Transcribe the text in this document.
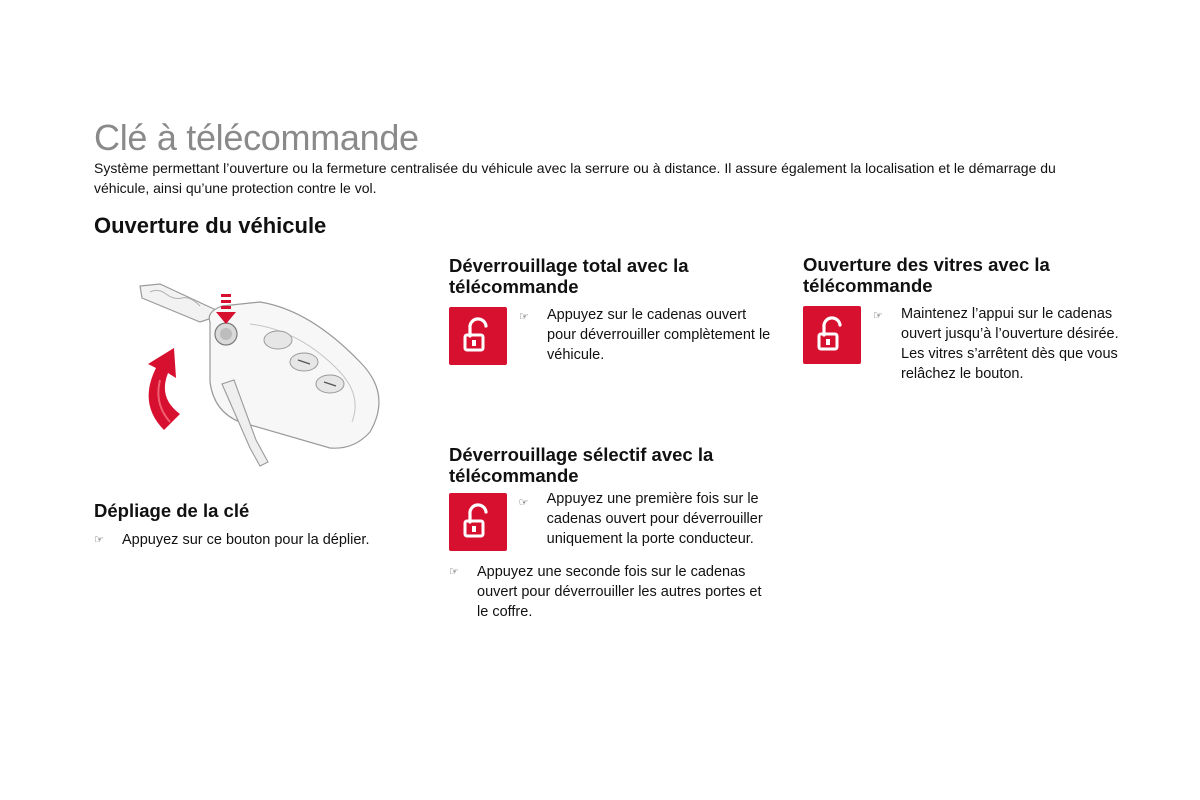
Clé à télécommande

Système permettant l’ouverture ou la fermeture centralisée du véhicule avec la serrure ou à distance. Il assure également la localisation et le démarrage du véhicule, ainsi qu’une protection contre le vol.

Ouverture du véhicule
Dépliage de la clé
☞	Appuyez sur ce bouton pour la déplier.

Déverrouillage total avec la télécommande
☞	Appuyez sur le cadenas ouvert pour déverrouiller complètement le véhicule.

Déverrouillage sélectif avec la télécommande
☞	Appuyez une première fois sur le cadenas ouvert pour déverrouiller uniquement la porte conducteur.

☞	Appuyez une seconde fois sur le cadenas ouvert pour déverrouiller les autres portes et le coffre.

Ouverture des vitres avec la télécommande
☞	Maintenez l’appui sur le cadenas ouvert jusqu’à l’ouverture désirée. Les vitres s’arrêtent dès que vous relâchez le bouton.
